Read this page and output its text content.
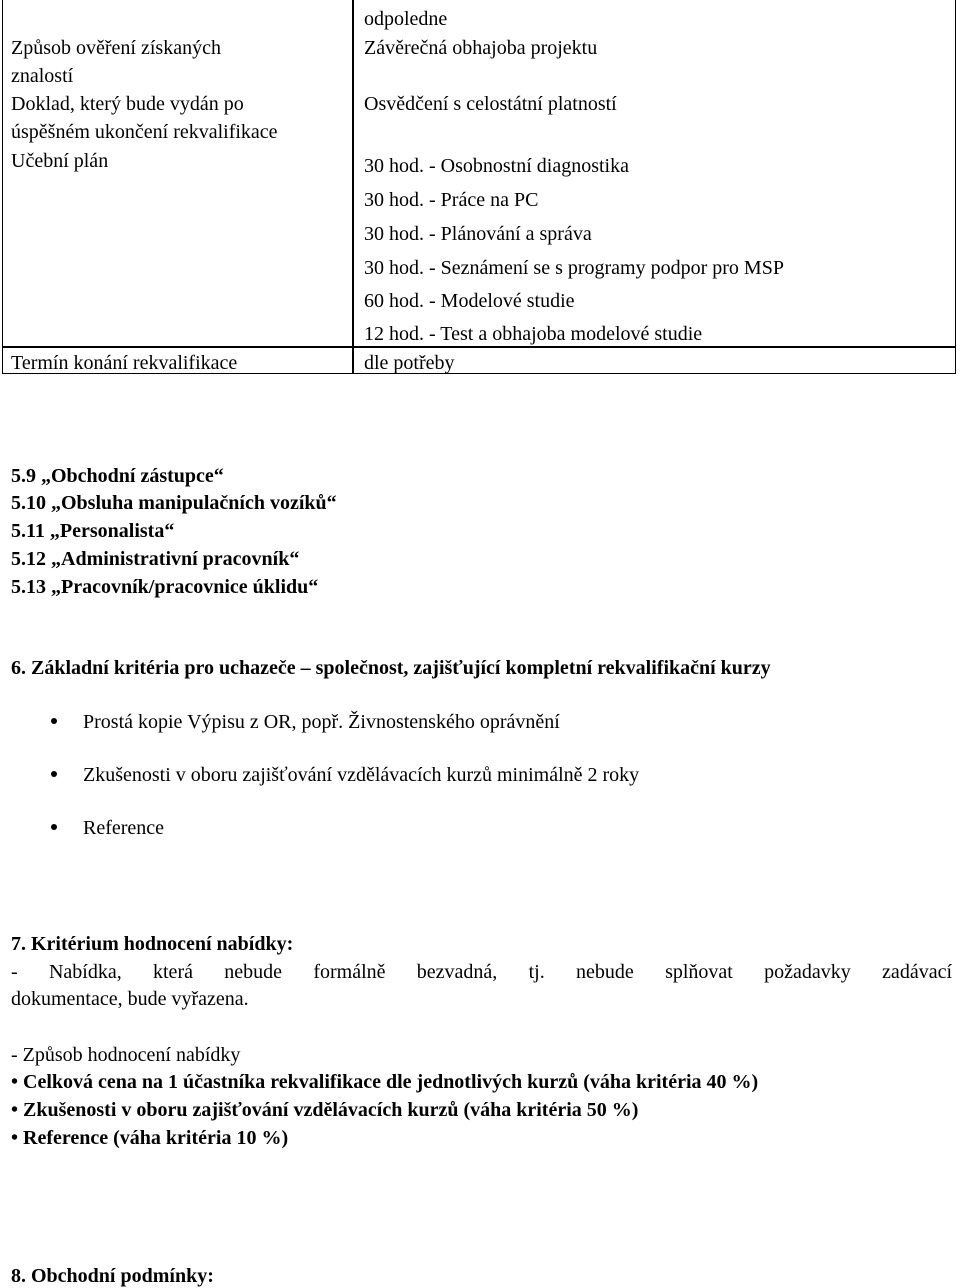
Způsob ověření získaných
znalostí
odpoledne
Závěrečná obhajoba projektu
Doklad, který bude vydán po
úspěšném ukončení rekvalifikace
Osvědčení s celostátní platností
Učební plán	30 hod. - Osobnostní diagnostika
30 hod. - Práce na PC
30 hod. - Plánování a správa
30 hod. - Seznámení se s programy podpor pro MSP
60 hod. - Modelové studie
12 hod. - Test a obhajoba modelové studie
Termín konání rekvalifikace	dle potřeby
5.9 „Obchodní zástupce“
5.10 „Obsluha manipulačních vozíků“
5.11 „Personalista“
5.12 „Administrativní pracovník“
5.13 „Pracovník/pracovnice úklidu“
6. Základní kritéria pro uchazeče – společnost, zajišťující kompletní rekvalifikační kurzy
Prostá kopie Výpisu z OR, popř. Živnostenského oprávnění
Zkušenosti v oboru zajišťování vzdělávacích kurzů minimálně 2 roky
Reference
7. Kritérium hodnocení nabídky:
- Nabídka, která nebude formálně bezvadná, tj. nebude splňovat požadavky zadávací
dokumentace, bude vyřazena.
- Způsob hodnocení nabídky
• Celková cena na 1 účastníka rekvalifikace dle jednotlivých kurzů (váha kritéria 40 %)
• Zkušenosti v oboru zajišťování vzdělávacích kurzů (váha kritéria 50 %)
• Reference (váha kritéria 10 %)
8. Obchodní podmínky:
